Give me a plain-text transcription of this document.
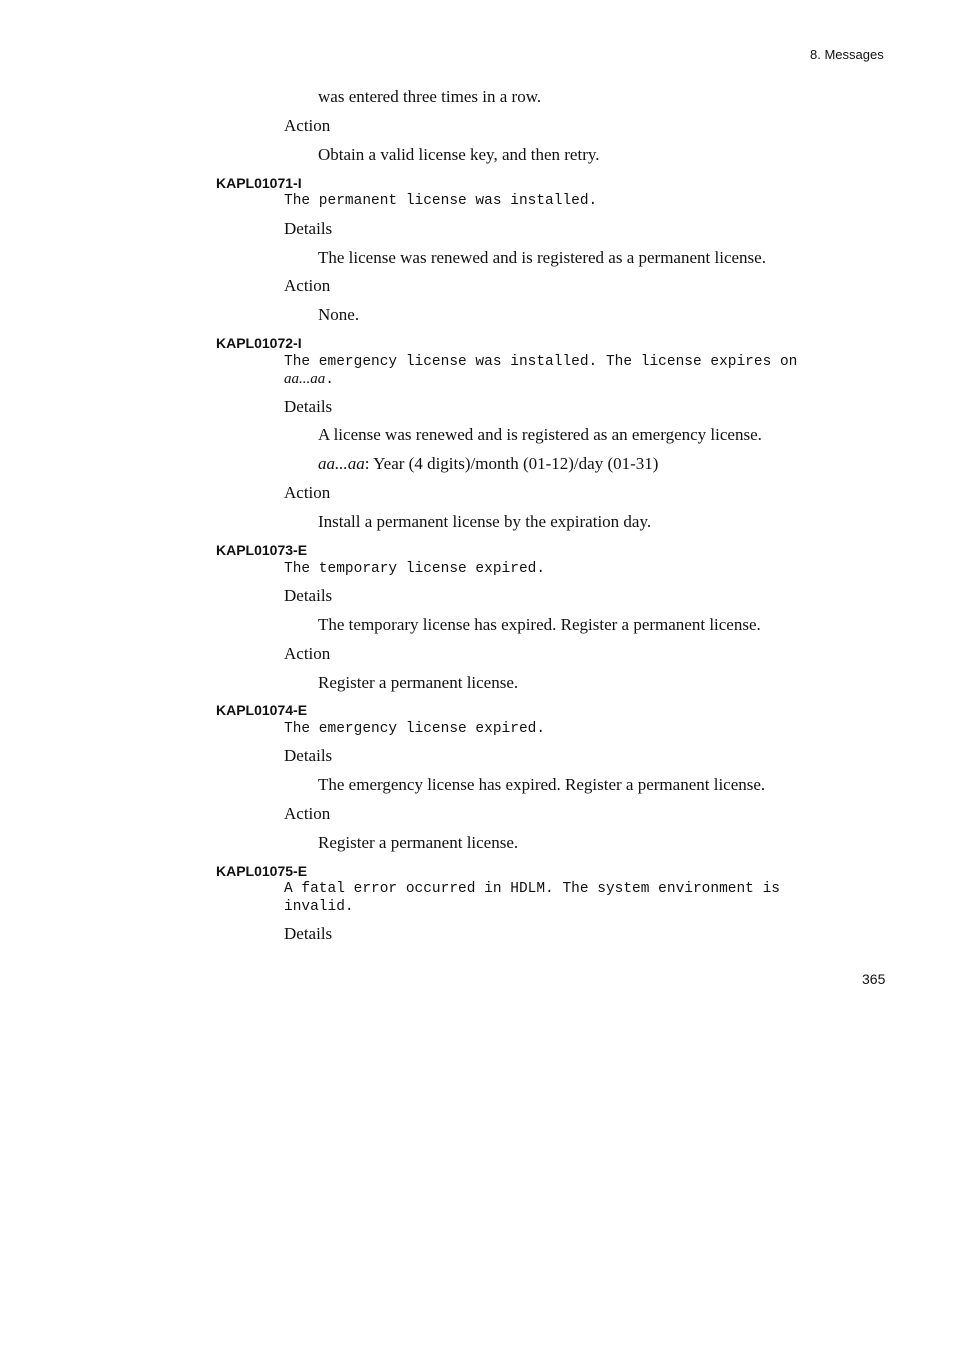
8. Messages
was entered three times in a row.
Action
Obtain a valid license key, and then retry.
KAPL01071-I
The permanent license was installed.
Details
The license was renewed and is registered as a permanent license.
Action
None.
KAPL01072-I
The emergency license was installed. The license expires on
aa...aa.
Details
A license was renewed and is registered as an emergency license.
aa...aa: Year (4 digits)/month (01-12)/day (01-31)
Action
Install a permanent license by the expiration day.
KAPL01073-E
The temporary license expired.
Details
The temporary license has expired. Register a permanent license.
Action
Register a permanent license.
KAPL01074-E
The emergency license expired.
Details
The emergency license has expired. Register a permanent license.
Action
Register a permanent license.
KAPL01075-E
A fatal error occurred in HDLM. The system environment is
invalid.
Details
365
